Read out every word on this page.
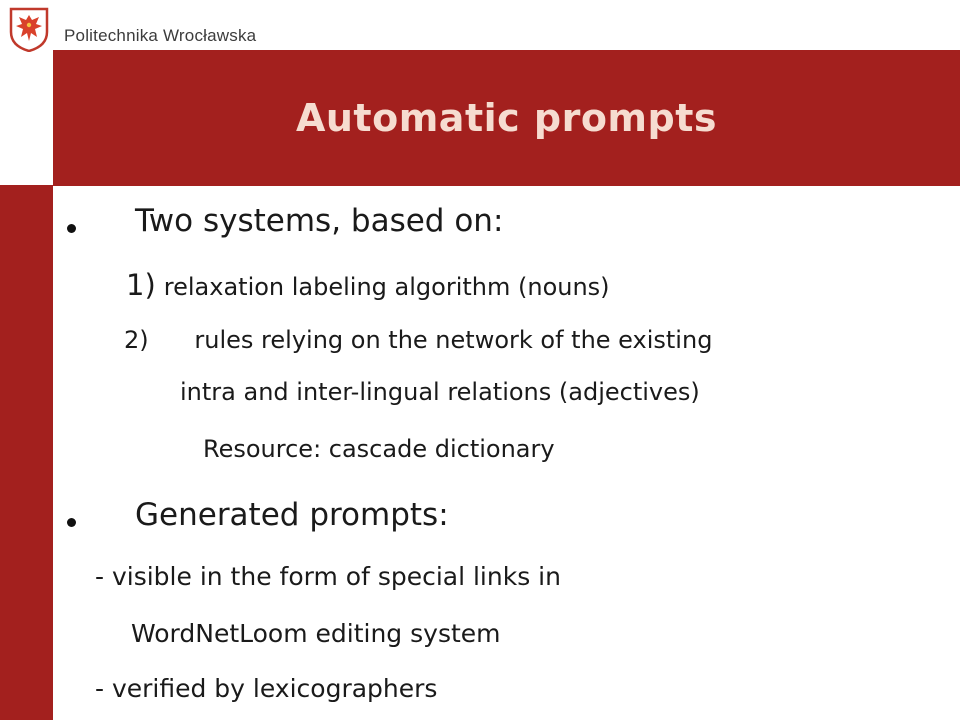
Politechnika Wrocławska
Automatic prompts
Two systems, based on:
1) relaxation labeling algorithm (nouns)
2)      rules relying on the network of the existing
intra and inter-lingual relations (adjectives)
Resource: cascade dictionary
Generated prompts:
- visible in the form of special links in
WordNetLoom editing system
- verified by lexicographers
